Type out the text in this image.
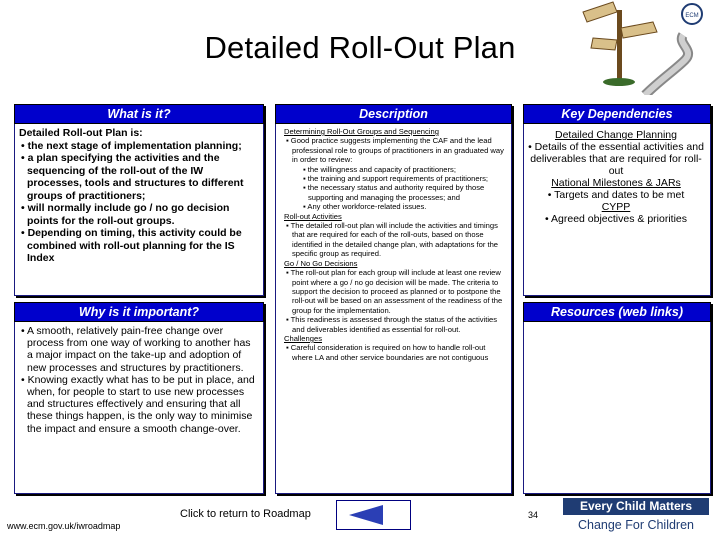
Detailed Roll-Out Plan
ECM
What is it?
Detailed Roll-out Plan is:
• the next stage of implementation planning;
• a plan specifying the activities and the sequencing of the roll-out of the IW processes, tools and structures to different groups of practitioners;
• will normally include go / no go decision points for the roll-out groups.
• Depending on timing, this activity could be combined with roll-out planning for the IS Index
Why is it important?
• A smooth, relatively pain-free change over process from one way of working to another has a major impact on the take-up and adoption of new processes and structures by practitioners.
• Knowing exactly what has to be put in place, and when, for people to start to use new processes and structures effectively and ensuring that all these things happen, is the only way to minimise the impact and ensure a smooth change-over.
Description
Determining Roll-Out Groups and Sequencing
▪ Good practice suggests implementing the CAF and the lead professional role to groups of practitioners in an graduated way in order to review:
▪ the willingness and capacity of practitioners;
▪ the training and support requirements of practitioners;
▪ the necessary status and authority required by those supporting and managing the processes; and
▪ Any other workforce-related issues.
Roll-out Activities
▪ The detailed roll-out plan will include the activities and timings that are required for each of the roll-outs, based on those identified in the detailed change plan, with adaptations for the specific group as required.
Go / No Go Decisions
▪ The roll-out plan for each group will include at least one review point where a go / no go decision will be made. The criteria to support the decision to proceed as planned or to postpone the roll-out will be based on an assessment of the readiness of the group for the implementation.
▪ This readiness is assessed through the status of the activities and deliverables identified as essential for roll-out.
Challenges
▪ Careful consideration is required on how to handle roll-out where LA and other service boundaries are not contiguous
Key Dependencies
Detailed Change Planning
• Details of the essential activities and deliverables that are required for roll-out
National Milestones & JARs
• Targets and dates to be met
CYPP
• Agreed objectives & priorities
Resources (web links)
www.ecm.gov.uk/iwroadmap
Click to return to Roadmap	34
Every Child Matters
Change For Children
